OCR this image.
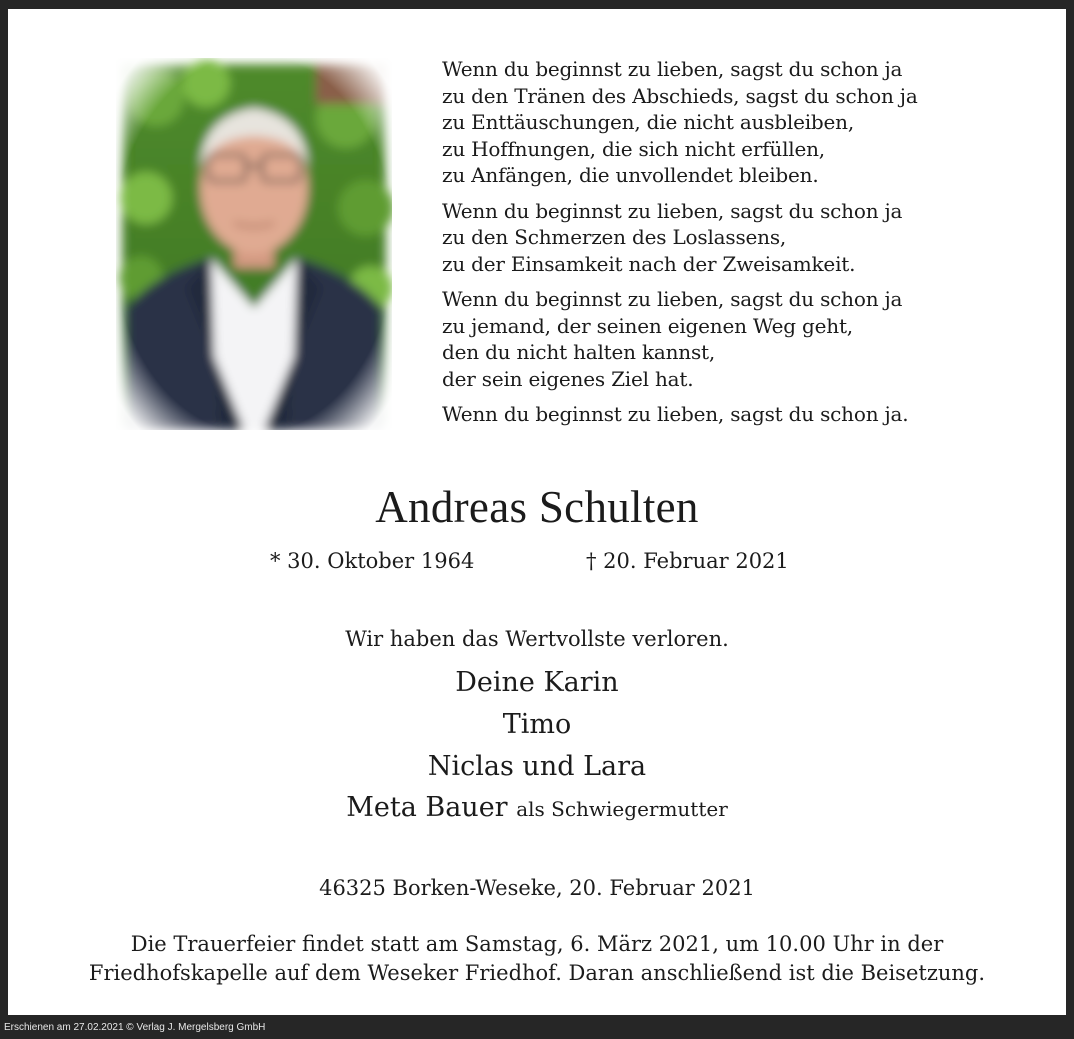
Wenn du beginnst zu lieben, sagst du schon ja
zu den Tränen des Abschieds, sagst du schon ja
zu Enttäuschungen, die nicht ausbleiben,
zu Hoffnungen, die sich nicht erfüllen,
zu Anfängen, die unvollendet bleiben.
Wenn du beginnst zu lieben, sagst du schon ja
zu den Schmerzen des Loslassens,
zu der Einsamkeit nach der Zweisamkeit.
Wenn du beginnst zu lieben, sagst du schon ja
zu jemand, der seinen eigenen Weg geht,
den du nicht halten kannst,
der sein eigenes Ziel hat.
Wenn du beginnst zu lieben, sagst du schon ja.
Andreas Schulten
* 30. Oktober 1964	† 20. Februar 2021
Wir haben das Wertvollste verloren.
Deine Karin
Timo
Niclas und Lara
Meta Bauer als Schwiegermutter
46325 Borken-Weseke, 20. Februar 2021
Die Trauerfeier findet statt am Samstag, 6. März 2021, um 10.00 Uhr in der
Friedhofskapelle auf dem Weseker Friedhof. Daran anschließend ist die Beisetzung.
Erschienen am 27.02.2021 © Verlag J. Mergelsberg GmbH
